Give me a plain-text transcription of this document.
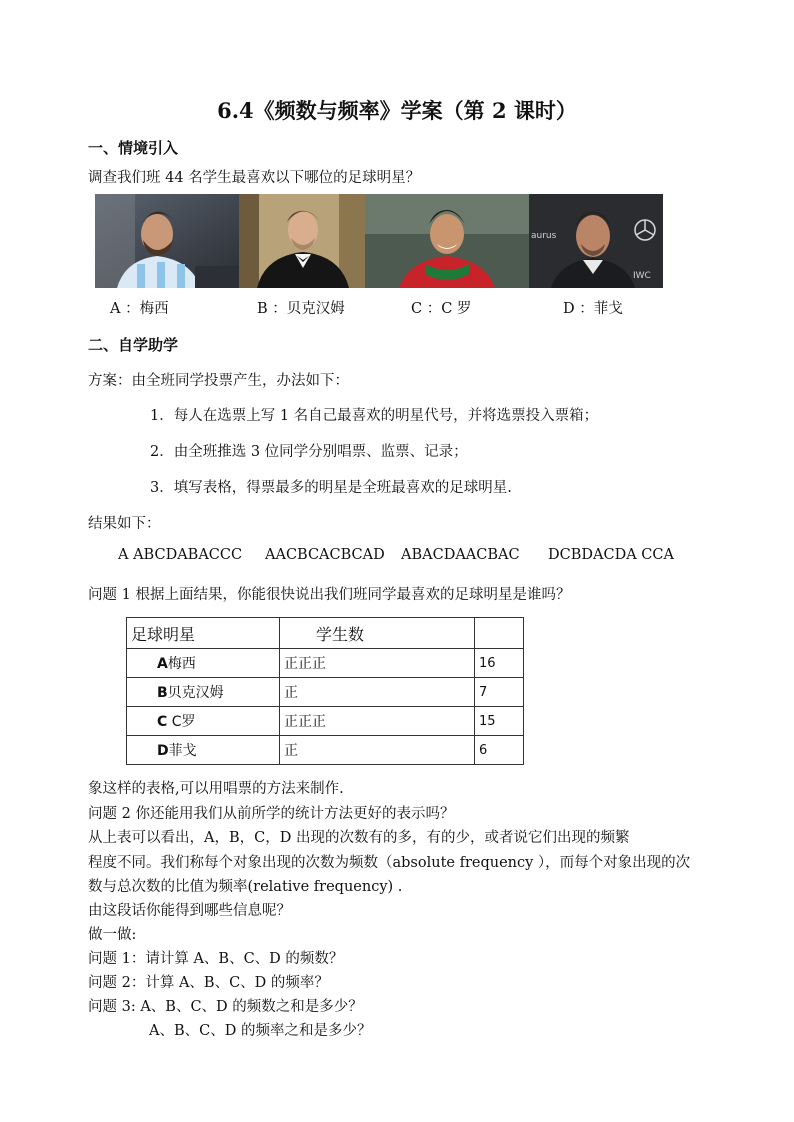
6.4《频数与频率》学案（第 2 课时）
一、情境引入
调查我们班 44 名学生最喜欢以下哪位的足球明星？
aurus
IWC
A ：梅西	B ：贝克汉姆	C ：C 罗	D ：菲戈
二、自学助学
方案：由全班同学投票产生，办法如下：
1．每人在选票上写 1 名自己最喜欢的明星代号，并将选票投入票箱；
2．由全班推选 3 位同学分别唱票、监票、记录；
3．填写表格，得票最多的明星是全班最喜欢的足球明星.
结果如下：
A ABCDABACCC AACBCACBCAD ABACDAACBAC DCBDACDA CCA
问题 1 根据上面结果，你能很快说出我们班同学最喜欢的足球明星是谁吗？
足球明星	学生数	
A梅西	正正正	16
B贝克汉姆	正	7
C C罗	正正正	15
D菲戈	正	6
象这样的表格,可以用唱票的方法来制作.
问题 2 你还能用我们从前所学的统计方法更好的表示吗？
从上表可以看出，A，B，C，D 出现的次数有的多，有的少，或者说它们出现的频繁
程度不同。我们称每个对象出现的次数为频数（absolute frequency ），而每个对象出现的次
数与总次数的比值为频率(relative frequency) .
由这段话你能得到哪些信息呢？
做一做:
问题 1：请计算 A、B、C、D 的频数？
问题 2：计算 A、B、C、D 的频率？
问题 3: A、B、C、D 的频数之和是多少？
A、B、C、D 的频率之和是多少？
